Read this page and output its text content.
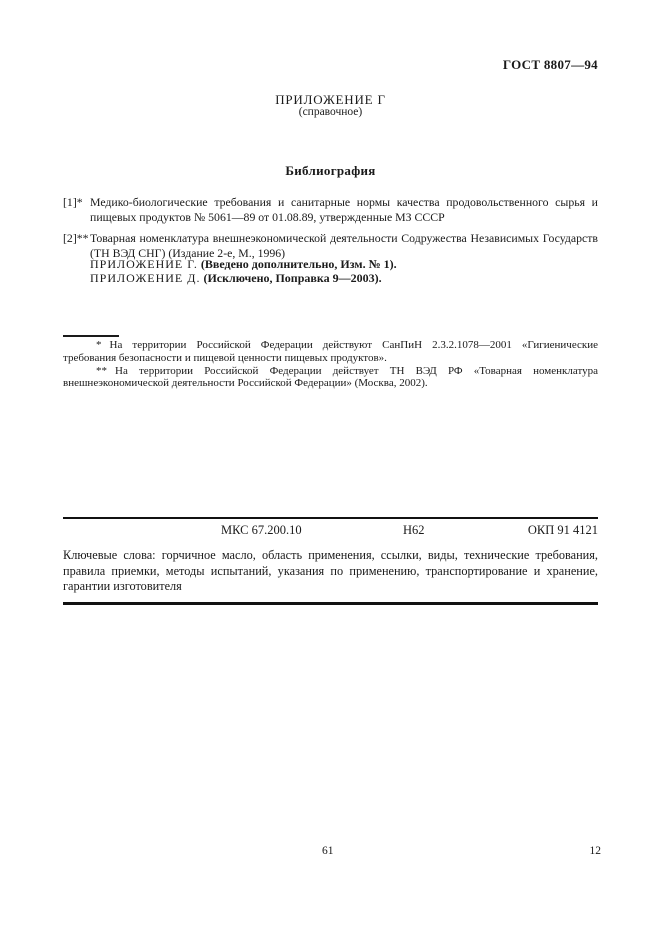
ГОСТ 8807—94
ПРИЛОЖЕНИЕ Г
(справочное)
Библиография
[1]* Медико-биологические требования и санитарные нормы качества продовольственного сырья и пищевых продуктов № 5061—89 от 01.08.89, утвержденные МЗ СССР
[2]** Товарная номенклатура внешнеэкономической деятельности Содружества Независимых Государств (ТН ВЭД СНГ) (Издание 2-е, М., 1996)
ПРИЛОЖЕНИЕ Г. (Введено дополнительно, Изм. № 1).
ПРИЛОЖЕНИЕ Д. (Исключено, Поправка 9—2003).
* На территории Российской Федерации действуют СанПиН 2.3.2.1078—2001 «Гигиенические требования безопасности и пищевой ценности пищевых продуктов».
** На территории Российской Федерации действует ТН ВЭД РФ «Товарная номенклатура внешнеэкономической деятельности Российской Федерации» (Москва, 2002).
МКС 67.200.10	Н62	ОКП 91 4121
Ключевые слова: горчичное масло, область применения, ссылки, виды, технические требования, правила приемки, методы испытаний, указания по применению, транспортирование и хранение, гарантии изготовителя
61	12
